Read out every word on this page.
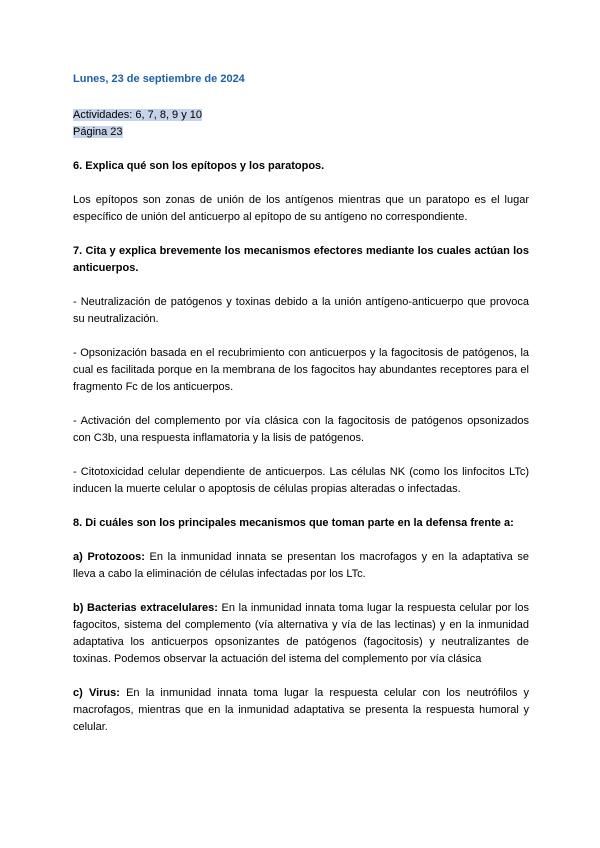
Lunes, 23 de septiembre de 2024
Actividades: 6, 7, 8, 9 y 10
Página 23
6. Explica qué son los epítopos y los paratopos.
Los epítopos son zonas de unión de los antígenos mientras que un paratopo es el lugar específico de unión del anticuerpo al epítopo de su antígeno no correspondiente.
7. Cita y explica brevemente los mecanismos efectores mediante los cuales actúan los anticuerpos.
- Neutralización de patógenos y toxinas debido a la unión antígeno-anticuerpo que provoca su neutralización.
- Opsonización basada en el recubrimiento con anticuerpos y la fagocitosis de patógenos, la cual es facilitada porque en la membrana de los fagocitos hay abundantes receptores para el fragmento Fc de los anticuerpos.
- Activación del complemento por vía clásica con la fagocitosis de patógenos opsonizados con C3b, una respuesta inflamatoria y la lisis de patógenos.
- Citotoxicidad celular dependiente de anticuerpos. Las células NK (como los linfocitos LTc) inducen la muerte celular o apoptosis de células propias alteradas o infectadas.
8. Di cuáles son los principales mecanismos que toman parte en la defensa frente a:
a) Protozoos: En la inmunidad innata se presentan los macrofagos y en la adaptativa se lleva a cabo la eliminación de células infectadas por los LTc.
b) Bacterias extracelulares: En la inmunidad innata toma lugar la respuesta celular por los fagocitos, sistema del complemento (vía alternativa y vía de las lectinas) y en la inmunidad adaptativa los anticuerpos opsonizantes de patógenos (fagocitosis) y neutralizantes de toxinas. Podemos observar la actuación del istema del complemento por vía clásica
c) Virus: En la inmunidad innata toma lugar la respuesta celular con los neutrófilos y macrofagos, mientras que en la inmunidad adaptativa se presenta la respuesta humoral y celular.
